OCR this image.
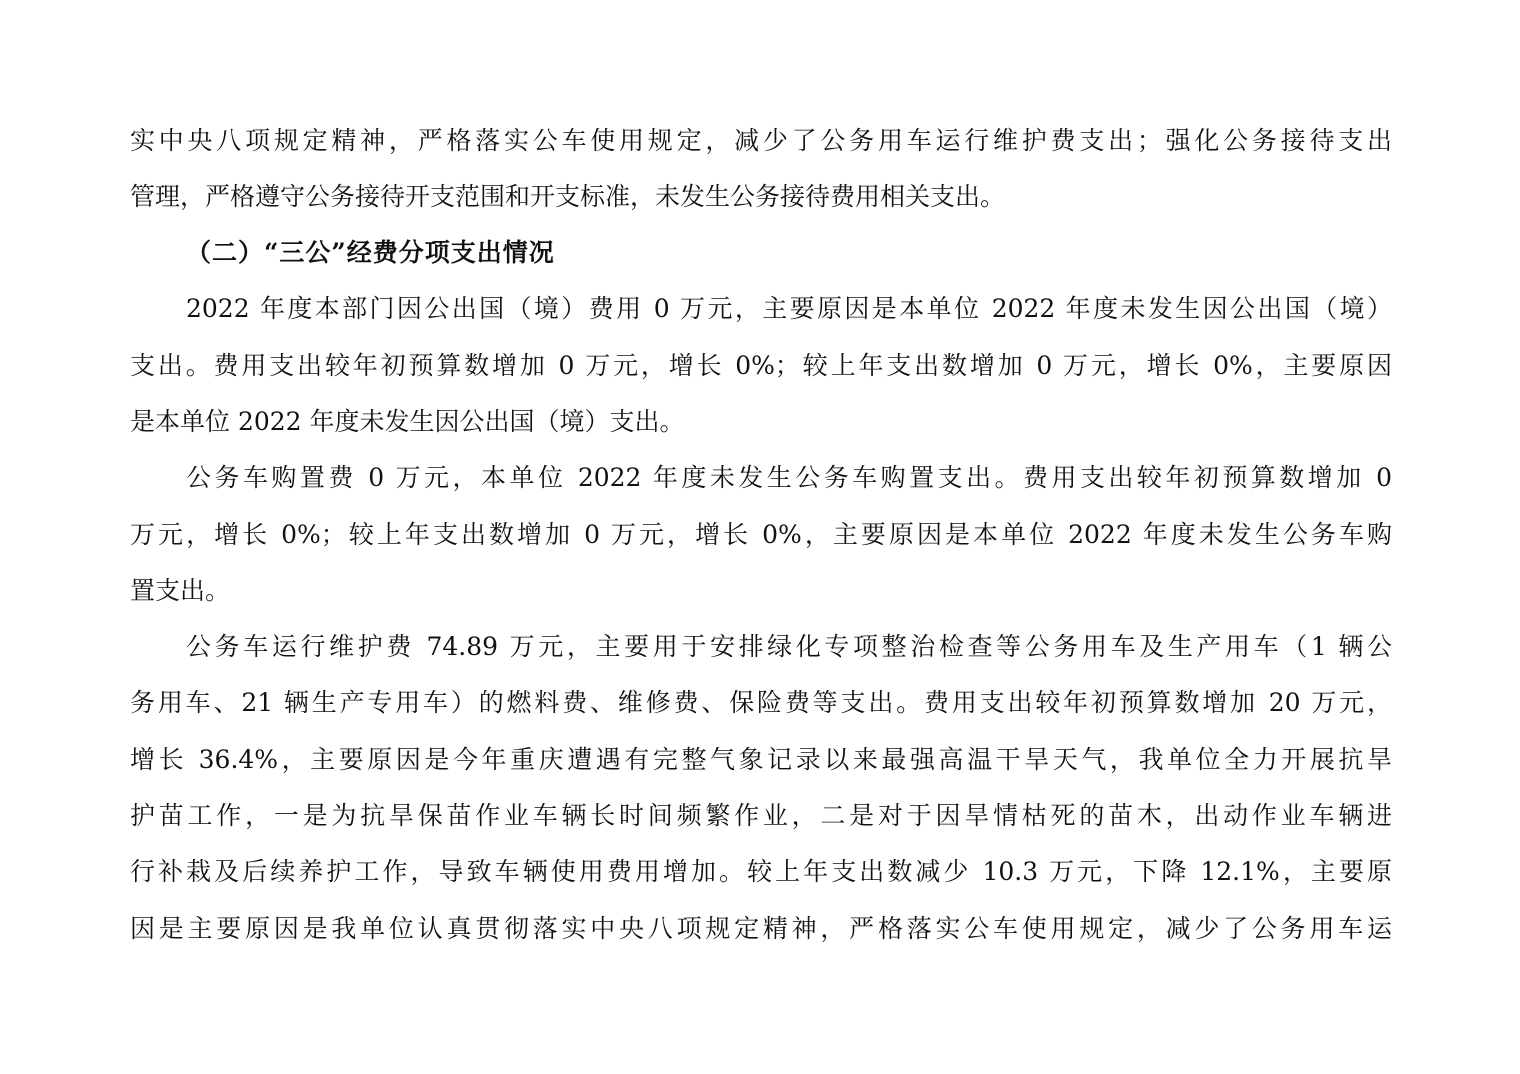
实中央八项规定精神，严格落实公车使用规定，减少了公务用车运行维护费支出；强化公务接待支出
管理，严格遵守公务接待开支范围和开支标准，未发生公务接待费用相关支出。
（二）“三公”经费分项支出情况
2022 年度本部门因公出国（境）费用 0 万元，主要原因是本单位 2022 年度未发生因公出国（境）
支出。费用支出较年初预算数增加 0 万元，增长 0%；较上年支出数增加 0 万元，增长 0%，主要原因
是本单位 2022 年度未发生因公出国（境）支出。
公务车购置费 0 万元，本单位 2022 年度未发生公务车购置支出。费用支出较年初预算数增加 0
万元，增长 0%；较上年支出数增加 0 万元，增长 0%，主要原因是本单位 2022 年度未发生公务车购
置支出。
公务车运行维护费 74.89 万元，主要用于安排绿化专项整治检查等公务用车及生产用车（1 辆公
务用车、21 辆生产专用车）的燃料费、维修费、保险费等支出。费用支出较年初预算数增加 20 万元，
增长 36.4%，主要原因是今年重庆遭遇有完整气象记录以来最强高温干旱天气，我单位全力开展抗旱
护苗工作，一是为抗旱保苗作业车辆长时间频繁作业，二是对于因旱情枯死的苗木，出动作业车辆进
行补栽及后续养护工作，导致车辆使用费用增加。较上年支出数减少 10.3 万元，下降 12.1%，主要原
因是主要原因是我单位认真贯彻落实中央八项规定精神，严格落实公车使用规定，减少了公务用车运
